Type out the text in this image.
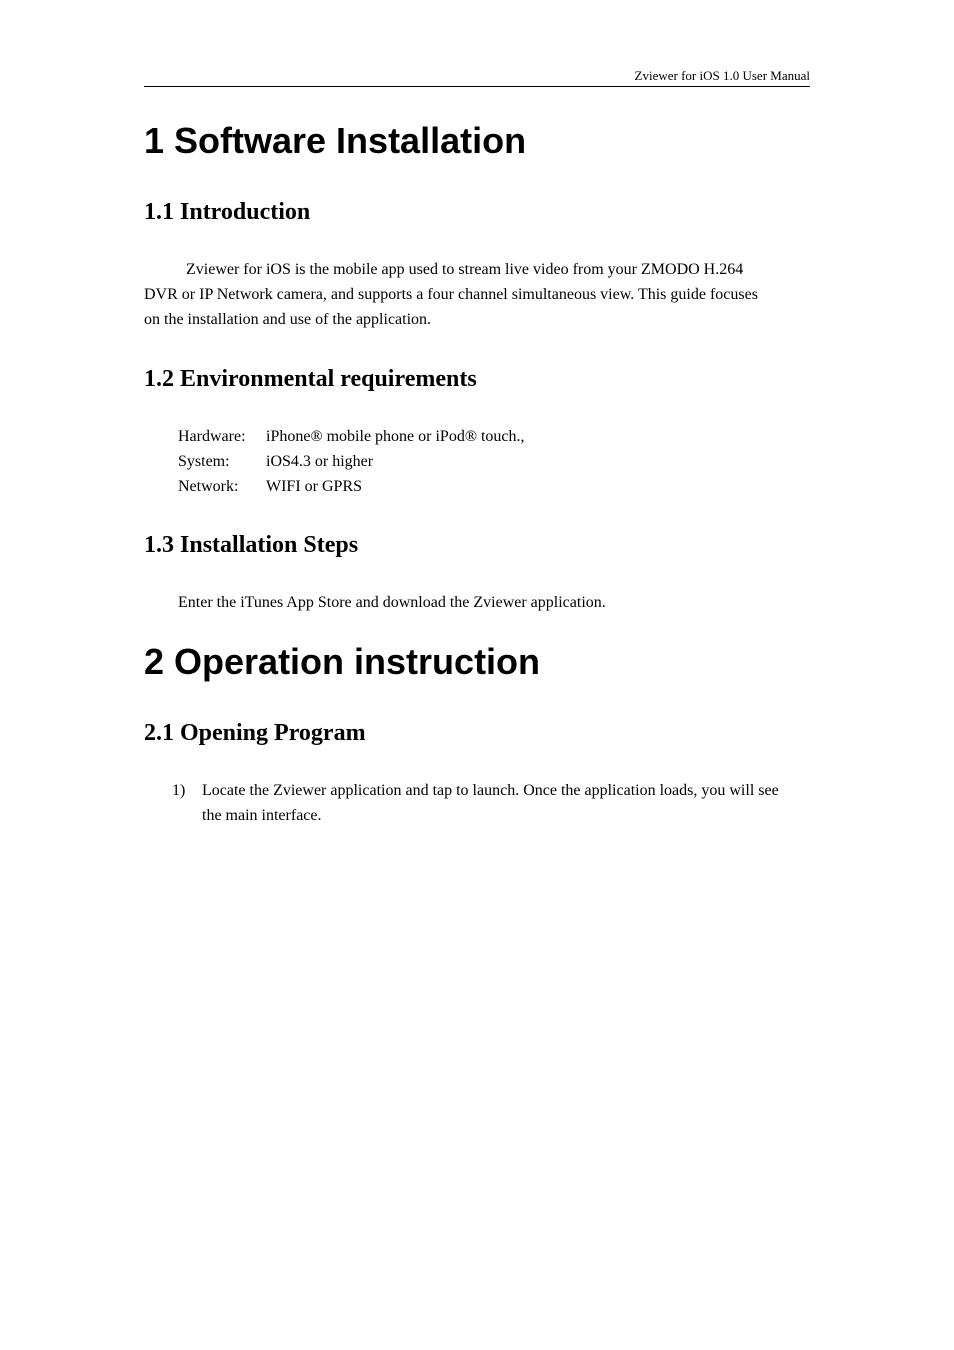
Zviewer for iOS 1.0 User Manual
1 Software Installation
1.1 Introduction
Zviewer for iOS is the mobile app used to stream live video from your ZMODO H.264
DVR or IP Network camera, and supports a four channel simultaneous view. This guide focuses
on the installation and use of the application.
1.2 Environmental requirements
Hardware:	iPhone® mobile phone or iPod® touch.,
System:	iOS4.3 or higher
Network:	WIFI or GPRS
1.3 Installation Steps
Enter the iTunes App Store and download the Zviewer application.
2 Operation instruction
2.1 Opening Program
1) Locate the Zviewer application and tap to launch. Once the application loads, you will see
the main interface.
